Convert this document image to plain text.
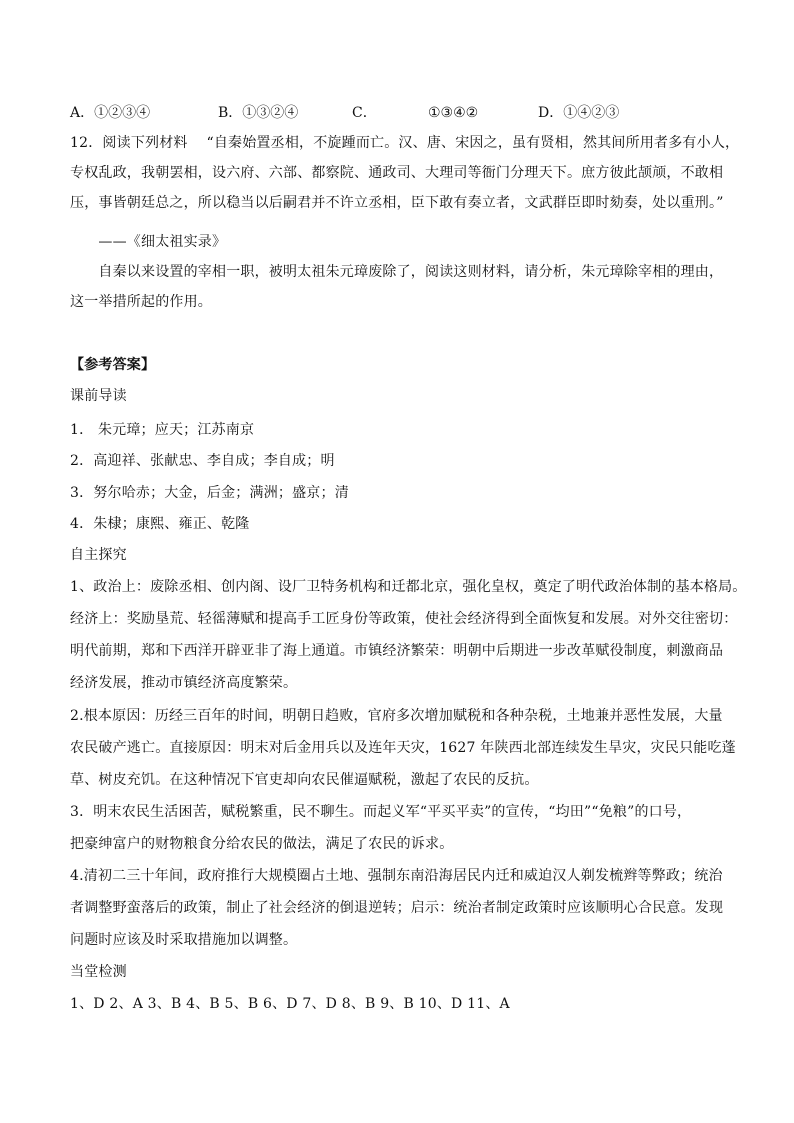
A．①②③④	B．①③②④	C．	①③④②	D．①④②③
12．阅读下列材料　 “自秦始置丞相，不旋踵而亡。汉、唐、宋因之，虽有贤相，然其间所用者多有小人，
专权乱政，我朝罢相，设六府、六部、都察院、通政司、大理司等衙门分理天下。庶方彼此颉颃，不敢相
压，事皆朝廷总之，所以稳当以后嗣君并不许立丞相，臣下敢有奏立者，文武群臣即时劾奏，处以重刑。”
　　——《细太祖实录》
　　自秦以来设置的宰相一职，被明太祖朱元璋废除了，阅读这则材料，请分析，朱元璋除宰相的理由，
这一举措所起的作用。
【参考答案】
课前导读
1． 朱元璋；应天；江苏南京
2．高迎祥、张献忠、李自成；李自成；明
3．努尔哈赤；大金，后金；满洲；盛京；清
4．朱棣；康熙、雍正、乾隆
自主探究
1、政治上：废除丞相、创内阁、设厂卫特务机构和迁都北京，强化皇权，奠定了明代政治体制的基本格局。
经济上：奖励垦荒、轻徭薄赋和提高手工匠身份等政策，使社会经济得到全面恢复和发展。对外交往密切：
明代前期，郑和下西洋开辟亚非了海上通道。市镇经济繁荣：明朝中后期进一步改革赋役制度，刺激商品
经济发展，推动市镇经济高度繁荣。
2.根本原因：历经三百年的时间，明朝日趋败，官府多次增加赋税和各种杂税，土地兼并恶性发展，大量
农民破产逃亡。直接原因：明末对后金用兵以及连年天灾，1627 年陕西北部连续发生旱灾，灾民只能吃蓬
草、树皮充饥。在这种情况下官吏却向农民催逼赋税，激起了农民的反抗。
3．明末农民生活困苦，赋税繁重，民不聊生。而起义军“平买平卖”的宣传，“均田”“免粮”的口号，
把豪绅富户的财物粮食分给农民的做法，满足了农民的诉求。
4.清初二三十年间，政府推行大规模圈占土地、强制东南沿海居民内迁和威迫汉人剃发梳辫等弊政；统治
者调整野蛮落后的政策，制止了社会经济的倒退逆转；启示：统治者制定政策时应该顺明心合民意。发现
问题时应该及时采取措施加以调整。
当堂检测
1、D 2、A 3、B 4、B 5、B 6、D 7、D 8、B 9、B 10、D 11、A
